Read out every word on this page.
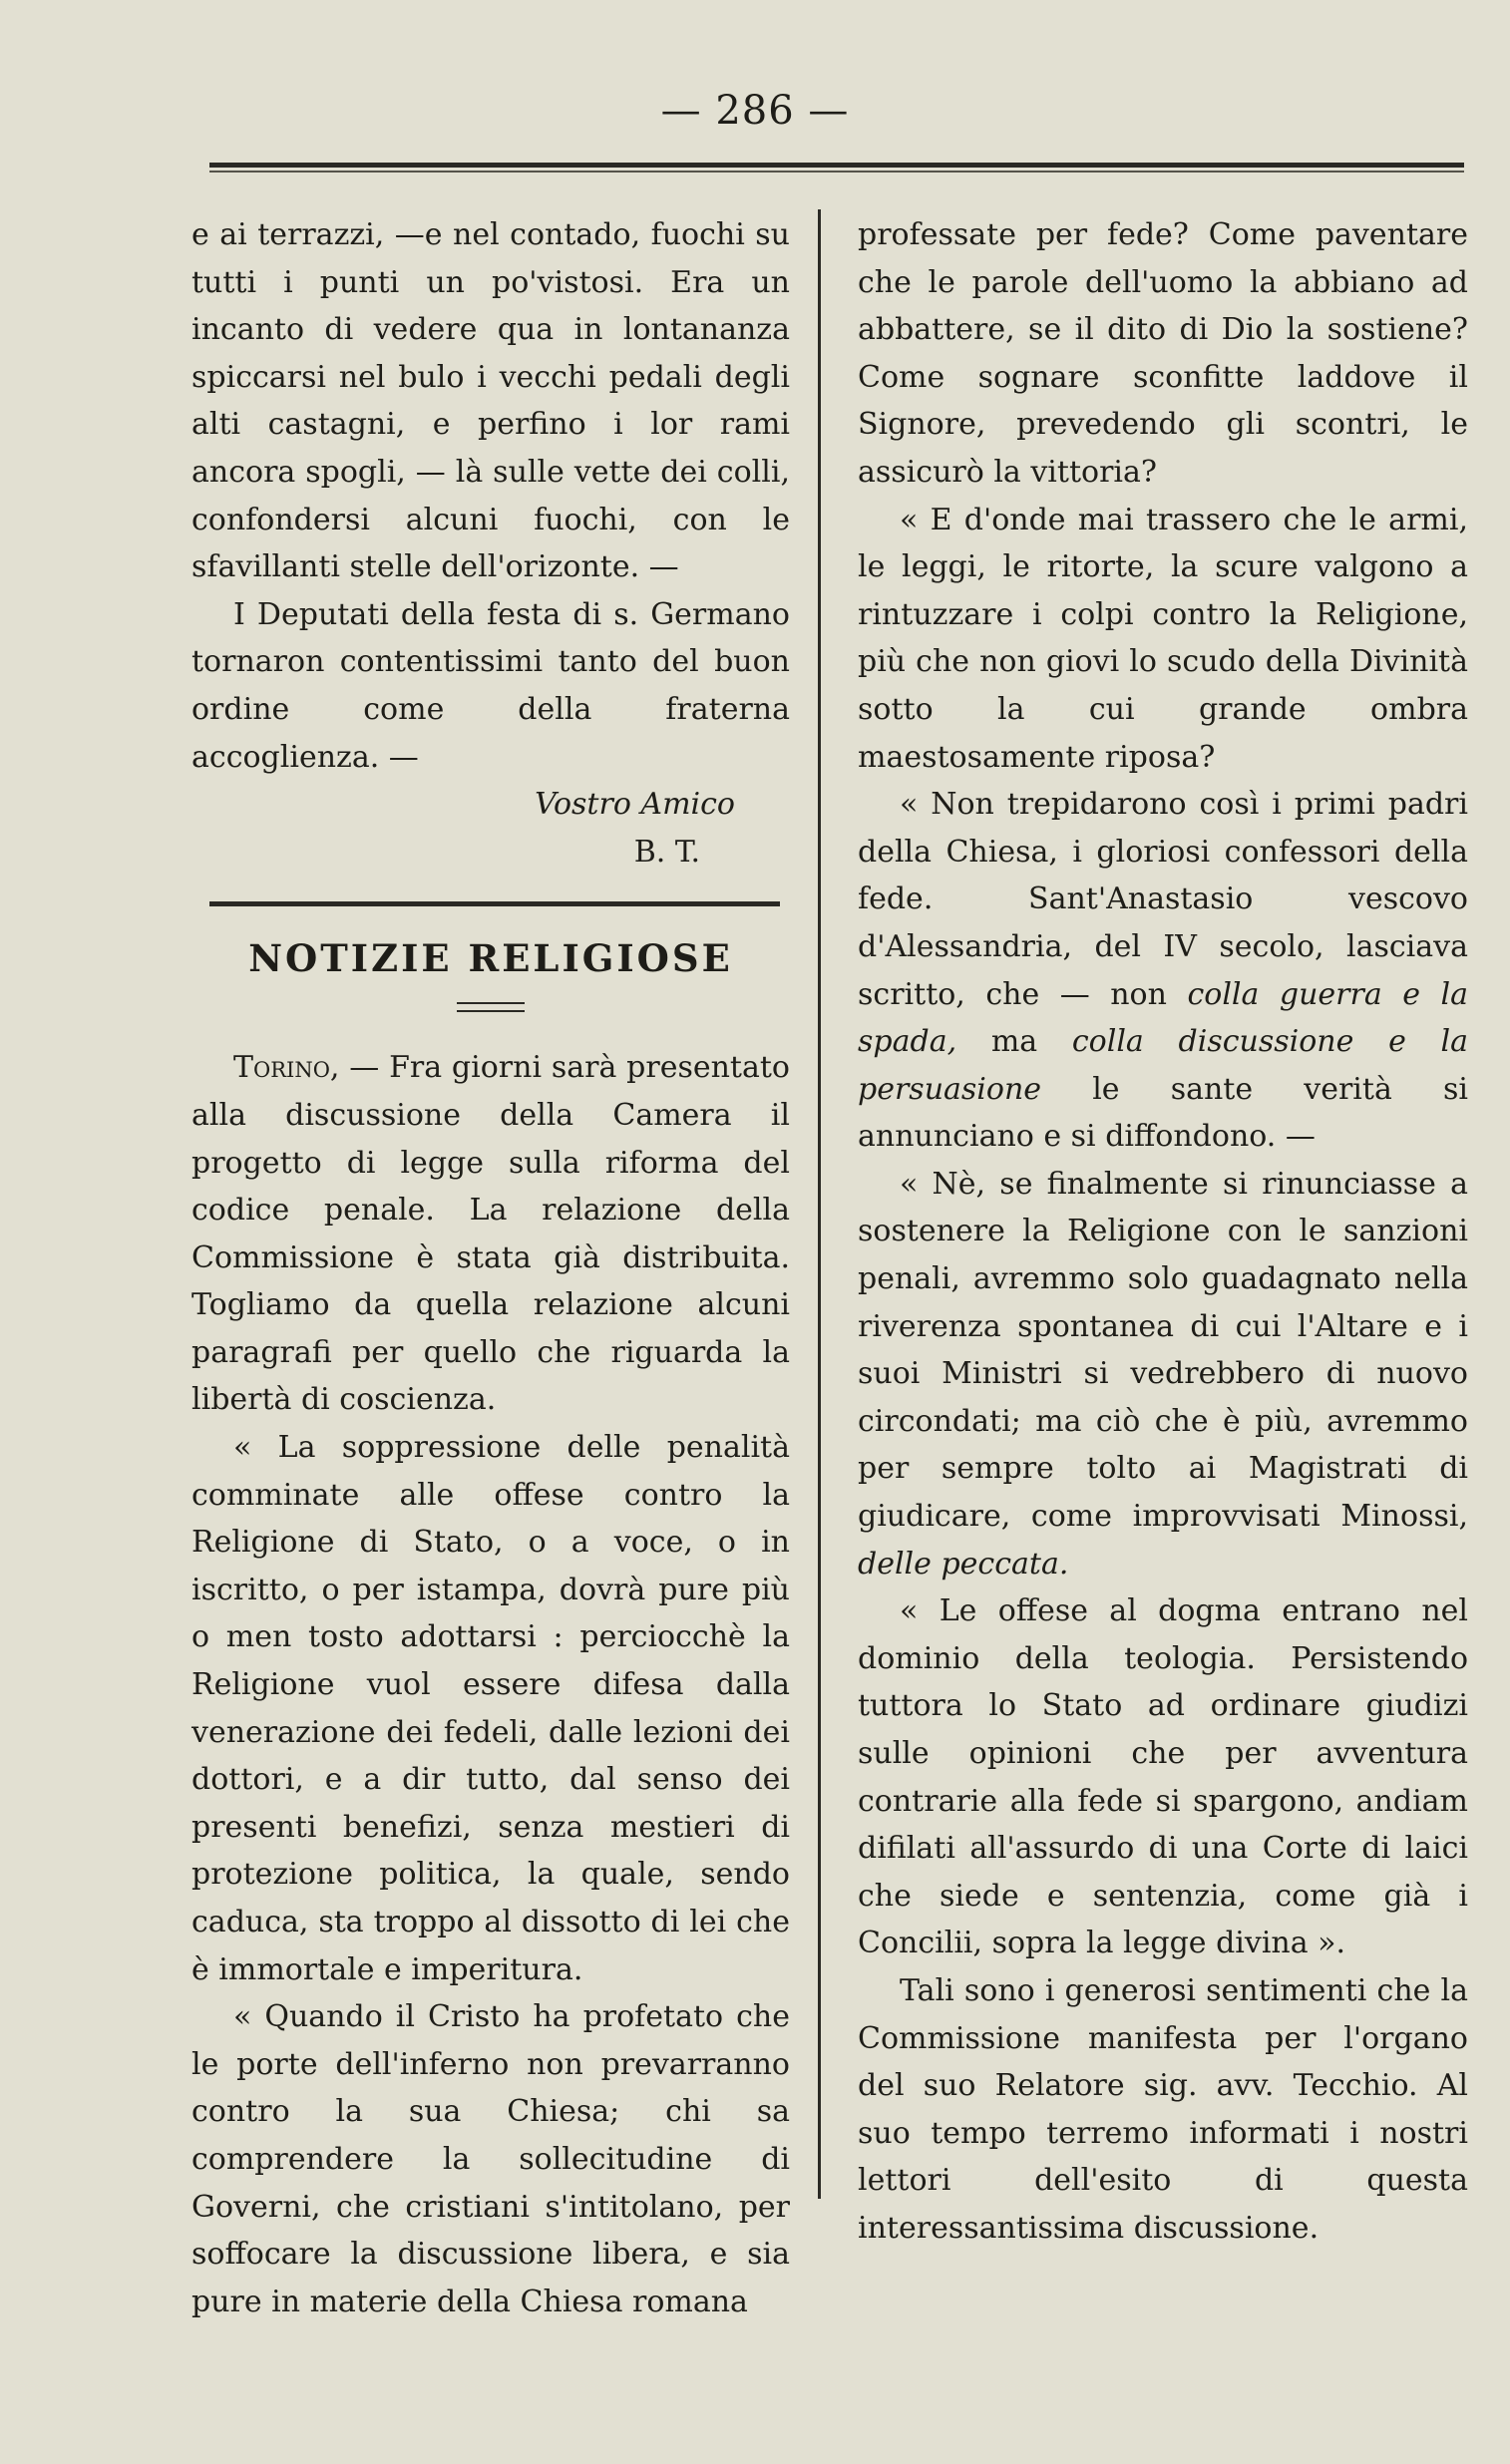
— 286 —

e ai terrazzi, —e nel contado, fuochi su tutti i punti un po'vistosi. Era un incanto di vedere qua in lontananza spiccarsi nel bulo i vecchi pedali degli alti castagni, e perfino i lor rami ancora spogli, — là sulle vette dei colli, confondersi alcuni fuochi, con le sfavillanti stelle dell'orizonte. —

I Deputati della festa di s. Germano tornaron contentissimi tanto del buon ordine come della fraterna accoglienza. —

Vostro Amico

B. T.

NOTIZIE RELIGIOSE

Torino, — Fra giorni sarà presentato alla discussione della Camera il progetto di legge sulla riforma del codice penale. La relazione della Commissione è stata già distribuita. Togliamo da quella relazione alcuni paragrafi per quello che riguarda la libertà di coscienza.

« La soppressione delle penalità comminate alle offese contro la Religione di Stato, o a voce, o in iscritto, o per istampa, dovrà pure più o men tosto adottarsi : perciocchè la Religione vuol essere difesa dalla venerazione dei fedeli, dalle lezioni dei dottori, e a dir tutto, dal senso dei presenti benefizi, senza mestieri di protezione politica, la quale, sendo caduca, sta troppo al dissotto di lei che è immortale e imperitura.

« Quando il Cristo ha profetato che le porte dell'inferno non prevarranno contro la sua Chiesa; chi sa comprendere la sollecitudine di Governi, che cristiani s'intitolano, per soffocare la discussione libera, e sia pure in materie della Chiesa romana

professate per fede? Come paventare che le parole dell'uomo la abbiano ad abbattere, se il dito di Dio la sostiene? Come sognare sconfitte laddove il Signore, prevedendo gli scontri, le assicurò la vittoria?

« E d'onde mai trassero che le armi, le leggi, le ritorte, la scure valgono a rintuzzare i colpi contro la Religione, più che non giovi lo scudo della Divinità sotto la cui grande ombra maestosamente riposa?

« Non trepidarono così i primi padri della Chiesa, i gloriosi confessori della fede. Sant'Anastasio vescovo d'Alessandria, del IV secolo, lasciava scritto, che — non colla guerra e la spada, ma colla discussione e la persuasione le sante verità si annunciano e si diffondono. —

« Nè, se finalmente si rinunciasse a sostenere la Religione con le sanzioni penali, avremmo solo guadagnato nella riverenza spontanea di cui l'Altare e i suoi Ministri si vedrebbero di nuovo circondati; ma ciò che è più, avremmo per sempre tolto ai Magistrati di giudicare, come improvvisati Minossi, delle peccata.

« Le offese al dogma entrano nel dominio della teologia. Persistendo tuttora lo Stato ad ordinare giudizi sulle opinioni che per avventura contrarie alla fede si spargono, andiam difilati all'assurdo di una Corte di laici che siede e sentenzia, come già i Concilii, sopra la legge divina ».

Tali sono i generosi sentimenti che la Commissione manifesta per l'organo del suo Relatore sig. avv. Tecchio. Al suo tempo terremo informati i nostri lettori dell'esito di questa interessantissima discussione.
